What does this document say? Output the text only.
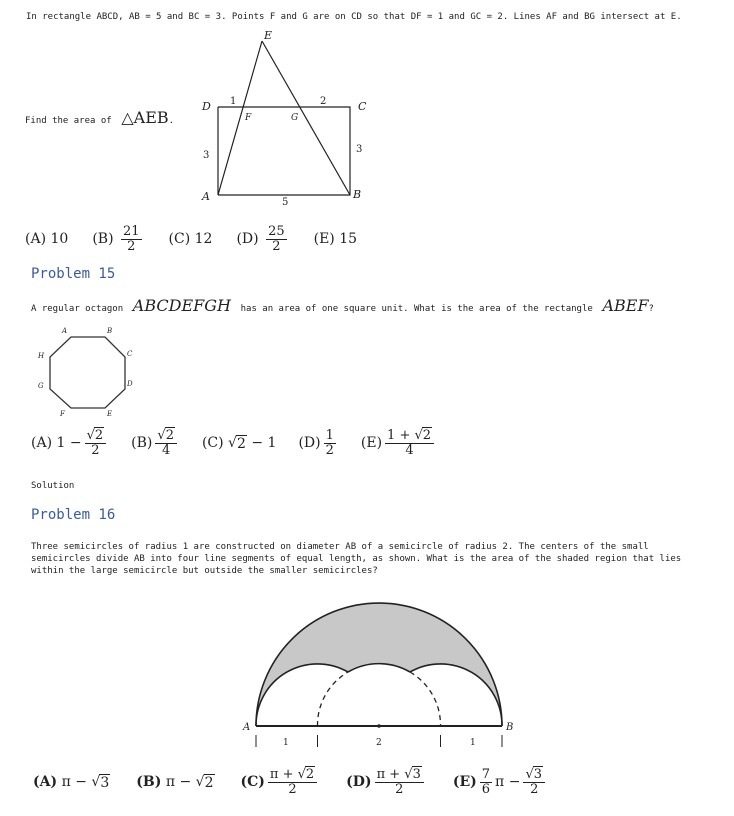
In rectangle ABCD, AB = 5 and BC = 3. Points F and G are on CD so that DF = 1 and GC = 2. Lines AF and BG intersect at E.
Find the area of
△AEB .
E
D	C
F	G
A	B
1	2
3
3
5
(A)
10 (B)
$\frac{21}{2} (C)$
12 (D)
$\frac{25}{2} (E)$
15
Problem 15
A regular octagon
ABCDEFGH
has an area of one square unit. What is the area of the rectangle
ABEF ?
A	B
C
D
E
F
G
H
(A)
$1 - \frac{√2}{2} (B) \frac{√2}{4} (C)$ √ 2
− 1 $(D) \frac{1}{2} (E) \frac{1 + √2}{4}$
Solution
Problem 16
Three semicircles of radius 1 are constructed on diameter AB of a semicircle of radius 2. The centers of the small
semicircles divide AB into four line segments of equal length, as shown. What is the area of the shaded region that lies
within the large semicircle but outside the smaller semicircles?
A	B
1	2	1
(A)
π − √ 3 (B)
π − √ 2 $(C) \frac{\pi + √2}{2} (D) \frac{\pi + √3}{2} (E) \frac{7}{6}$ $\pi - \frac{√3}{2}$
